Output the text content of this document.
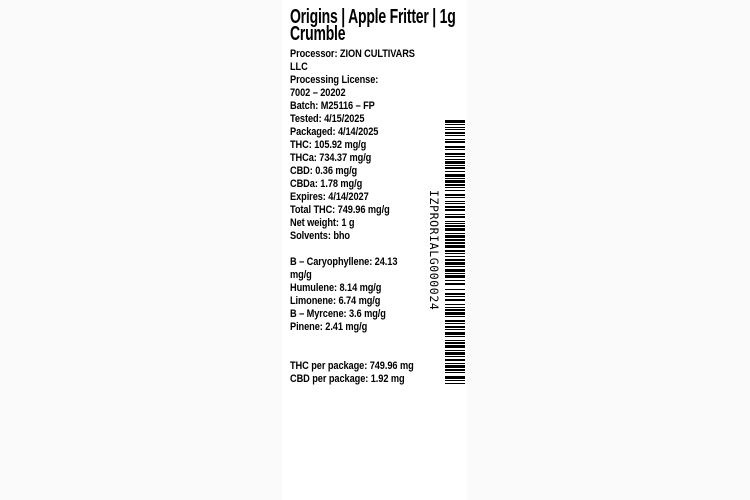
Origins | Apple Fritter | 1g
Crumble
Processor: ZION CULTIVARS
LLC
Processing License:
7002 – 20202
Batch: M25116 – FP
Tested: 4/15/2025
Packaged: 4/14/2025
THC: 105.92 mg/g
THCa: 734.37 mg/g
CBD: 0.36 mg/g
CBDa: 1.78 mg/g
Expires: 4/14/2027
Total THC: 749.96 mg/g
Net weight: 1 g
Solvents: bho

B – Caryophyllene: 24.13
mg/g
Humulene: 8.14 mg/g
Limonene: 6.74 mg/g
B – Myrcene: 3.6 mg/g
Pinene: 2.41 mg/g

THC per package: 749.96 mg
CBD per package: 1.92 mg
IZPRORIALG000024
